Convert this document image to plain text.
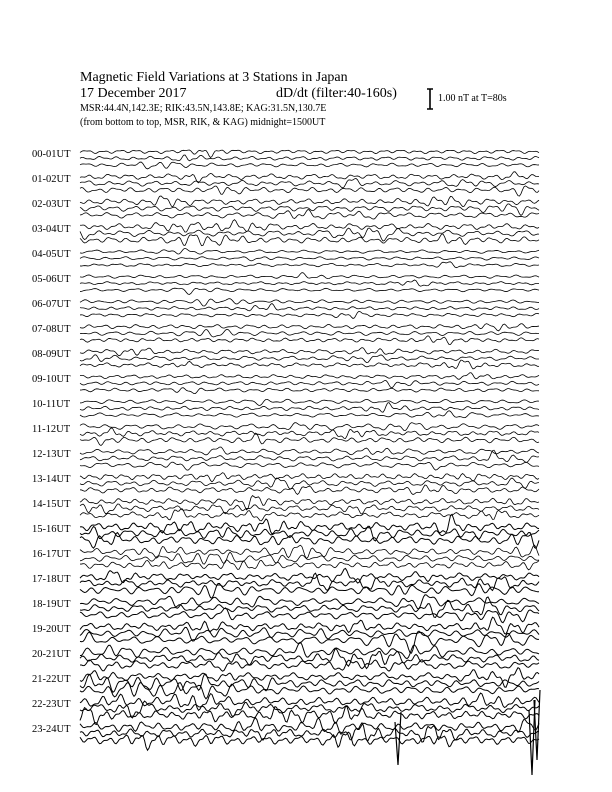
Magnetic Field Variations at 3 Stations in Japan
17 December 2017	dD/dt (filter:40-160s)
MSR:44.4N,142.3E; RIK:43.5N,143.8E; KAG:31.5N,130.7E
(from bottom to top, MSR, RIK, & KAG) midnight=1500UT
1.00 nT at T=80s
00-01UT
01-02UT
02-03UT
03-04UT
04-05UT
05-06UT
06-07UT
07-08UT
08-09UT
09-10UT
10-11UT
11-12UT
12-13UT
13-14UT
14-15UT
15-16UT
16-17UT
17-18UT
18-19UT
19-20UT
20-21UT
21-22UT
22-23UT
23-24UT
